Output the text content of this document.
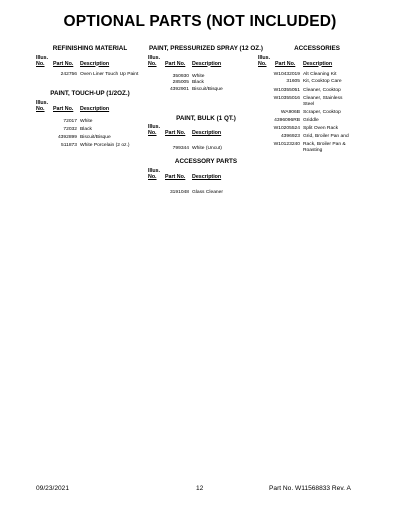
OPTIONAL PARTS (NOT INCLUDED)
REFINISHING MATERIAL
Illus.
No.	Part No.	Description
242756 Oven Liner Touch Up Paint
PAINT, TOUCH-UP (1/2OZ.)
Illus.
No.	Part No.	Description
72017 White
72032 Black
4392899 Biscuit/Bisque
511873 White Porcelain (2 oz.)
PAINT, PRESSURIZED SPRAY (12 OZ.)
Illus.
No.	Part No.	Description
350930 White
285005 Black
4392901 Biscuit/Bisque
PAINT, BULK (1 QT.)
Illus.
No.	Part No.	Description
799344 White (Uncut)
ACCESSORY PARTS
Illus.
No.	Part No.	Description
3191048 Glass Cleaner
ACCESSORIES
Illus.
No.	Part No.	Description
W10432019 Alt Cleaning Kit
31605 Kit, Cooktop Care
W10355051 Cleaner, Cooktop
W10355016 Cleaner, Stainless Steel
WA906B Scraper, Cooktop
4396096RB Griddle
W10205524 Split Oven Rack
4396923 Grid, Broiler Pan and
W10123240 Rack, Broiler Pan & Roasting
09/23/2021	12	Part No. W11568833 Rev. A
